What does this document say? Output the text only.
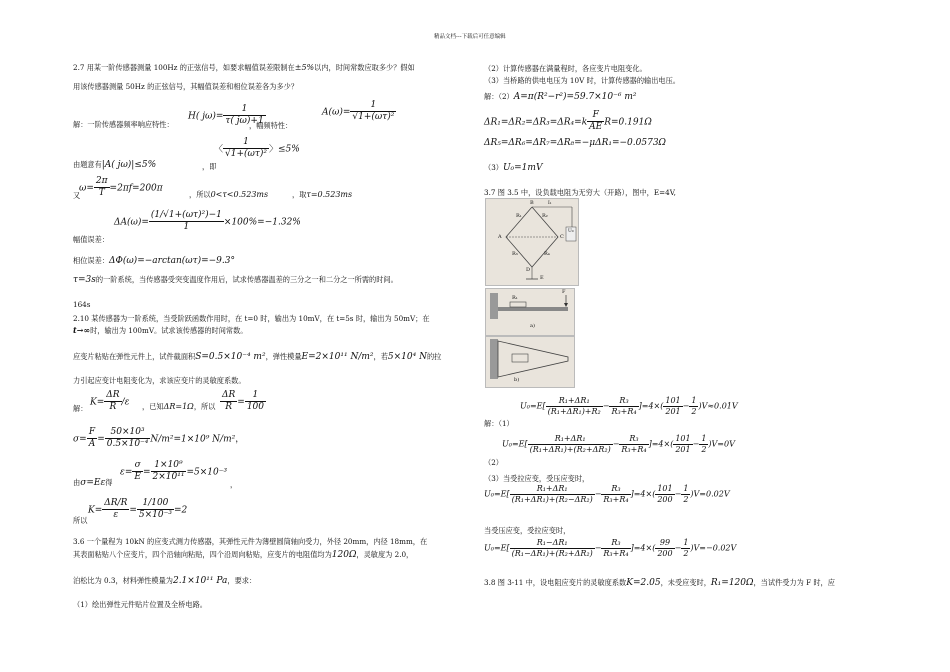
精品文档---下载后可任意编辑
2.7 用某一阶传感器测量 100Hz 的正弦信号，如要求幅值误差限制在±5%以内，时间常数应取多少？假如
用该传感器测量 50Hz 的正弦信号，其幅值误差和相位误差各为多少？
解：一阶传感器频率响应特性：
H( $j\omega)= \frac{1}{\tau( j\omega)+1}$
，幅频特性：
$A(\omega)= \frac{1}{\text{√1+(ωτ)²}}$
由题意有|A( jω)|≤5%	，即
〈 $\frac{1}{\text{√1+(ωτ)²}}$ 〉≤5%
又
$\omega= \frac{2\pi}{T} =2\pi f=200\pi$
，所以0<τ<0.523ms	，取τ=0.523ms
幅值误差：
$\Delta A(\omega)= \frac{\text{(1/√1+(ωτ)²)−1}}{1} \times 100\%=-1.32\%$
相位误差：ΔΦ(ω)=−arctan(ωτ)=−9.3°
τ=3s的一阶系统，当传感器受突变温度作用后，试求传感器温差的三分之一和二分之一所需的时间。
164s
2.10 某传感器为一阶系统，当受阶跃函数作用时，在 t=0 时，输出为 10mV，在 t=5s 时，输出为 50mV；在
t→∞时，输出为 100mV。试求该传感器的时间常数。
应变片粘贴在弹性元件上，试件截面积S=0.5×10⁻⁴ m²，弹性模量E=2×10¹¹ N/m²，若5×10⁴ N的拉
力引起应变计电阻变化为，求该应变片的灵敏度系数。
解：
$K= \frac{\Delta R}{R} /\varepsilon$ ，已知ΔR=1Ω，所以 $\frac{\Delta R}{R} = \frac{1}{100}$
$\sigma= \frac{F}{A} = \frac{\text{50×10³}}{\text{0.5×10⁻⁴}} N/m^2=1\times 10^9$ N/m²，
由σ=Eε得
$\varepsilon= \frac{\sigma}{E} = \frac{\text{1×10⁹}}{\text{2×10¹¹}} =5\times 10^{-3}$
，
所以
$K= \frac{\Delta R/R}{\varepsilon} = \frac{1/100}{\text{5×10⁻³}} =2$
3.6 一个量程为 10kN 的应变式测力传感器，其弹性元件为薄壁圆筒轴向受力，外径 20mm，内径 18mm，在
其表面粘贴八个应变片，四个沿轴向粘贴，四个沿周向粘贴，应变片的电阻值均为120Ω，灵敏度为 2.0，
泊松比为 0.3，材料弹性模量为2.1×10¹¹ Pa，要求：
（1）绘出弹性元件贴片位置及全桥电路。
（2）计算传感器在满量程时，各应变片电阻变化。
（3）当桥路的供电电压为 10V 时，计算传感器的输出电压。
解：（2）A=π(R²−r²)=59.7×10⁻⁶ m²
$\Delta R_1=\Delta R_2=\Delta R_3=\Delta R_4=k \frac{F}{AE} R=0.191\Omega$
ΔR₅=ΔR₆=ΔR₇=ΔR₈=−μΔR₁=−0.0573Ω
（3）U₀=1mV
3.7 图 3.5 中，设负载电阻为无穷大（开路），图中，E=4V,
R₁	R₂
R₃	R₄
B
A	C
D
E
U₀
I₁
R₁
F
a)
b)
解：（1）
$U_0=E[ \frac{\text{R₁+ΔR₁}}{\text{(R₁+ΔR₁)+R₂}} - \frac{\text{R₃}}{\text{R₃+R₄}} ]=4\times( \frac{101}{201} - \frac{1}{2} )V\approx 0.01V$
（2）
$U_0=E[ \frac{\text{R₁+ΔR₁}}{\text{(R₁+ΔR₁)+(R₂+ΔR₂)}} - \frac{\text{R₃}}{\text{R₃+R₄}} ]=4\times( \frac{101}{201} - \frac{1}{2} )V=0V$
（3）当受拉应变，受压应变时，
$U_0=E[ \frac{\text{R₁+ΔR₁}}{\text{(R₁+ΔR₁)+(R₂−ΔR₂)}} - \frac{\text{R₃}}{\text{R₃+R₄}} ]=4\times( \frac{101}{200} - \frac{1}{2} )V=0.02V$
当受压应变，受拉应变时，
$U_0=E[ \frac{\text{R₁−ΔR₁}}{\text{(R₁−ΔR₁)+(R₂+ΔR₂)}} - \frac{\text{R₃}}{\text{R₃+R₄}} ]=4\times( \frac{99}{200} - \frac{1}{2} )V=-0.02V$
3.8 图 3-11 中，设电阻应变片的灵敏度系数K=2.05，未受应变时，R₁=120Ω，当试件受力为 F 时，应
